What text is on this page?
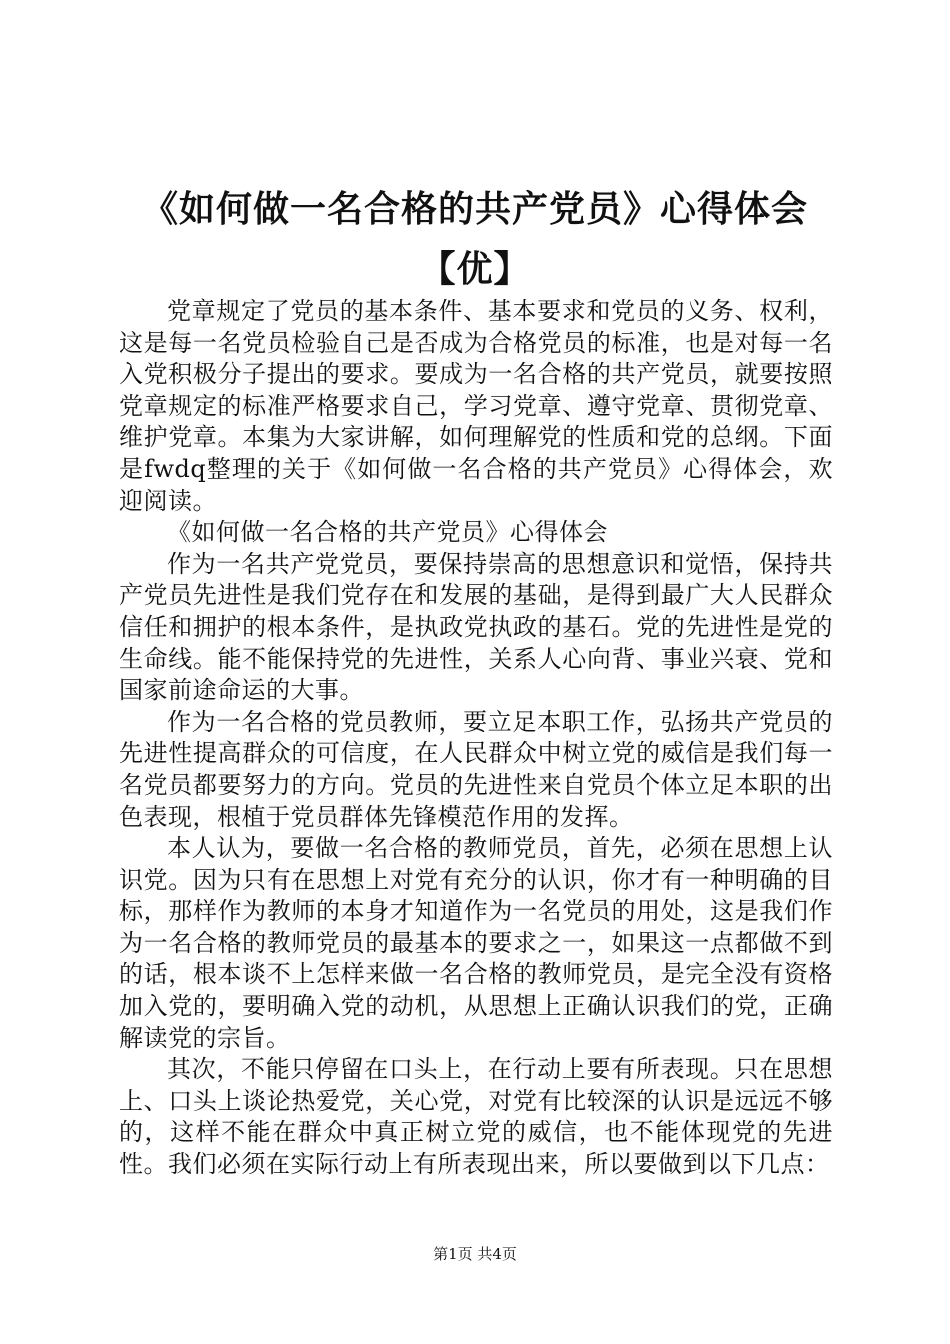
《如何做一名合格的共产党员》心得体会
【优】

党章规定了党员的基本条件、基本要求和党员的义务、权利，这是每一名党员检验自己是否成为合格党员的标准，也是对每一名入党积极分子提出的要求。要成为一名合格的共产党员，就要按照党章规定的标准严格要求自己，学习党章、遵守党章、贯彻党章、维护党章。本集为大家讲解，如何理解党的性质和党的总纲。下面是fwdq整理的关于《如何做一名合格的共产党员》心得体会，欢迎阅读。

《如何做一名合格的共产党员》心得体会

作为一名共产党党员，要保持崇高的思想意识和觉悟，保持共产党员先进性是我们党存在和发展的基础，是得到最广大人民群众信任和拥护的根本条件，是执政党执政的基石。党的先进性是党的生命线。能不能保持党的先进性，关系人心向背、事业兴衰、党和国家前途命运的大事。

作为一名合格的党员教师，要立足本职工作，弘扬共产党员的先进性提高群众的可信度，在人民群众中树立党的威信是我们每一名党员都要努力的方向。党员的先进性来自党员个体立足本职的出色表现，根植于党员群体先锋模范作用的发挥。

本人认为，要做一名合格的教师党员，首先，必须在思想上认识党。因为只有在思想上对党有充分的认识，你才有一种明确的目标，那样作为教师的本身才知道作为一名党员的用处，这是我们作为一名合格的教师党员的最基本的要求之一，如果这一点都做不到的话，根本谈不上怎样来做一名合格的教师党员，是完全没有资格加入党的，要明确入党的动机，从思想上正确认识我们的党，正确解读党的宗旨。

其次，不能只停留在口头上，在行动上要有所表现。只在思想上、口头上谈论热爱党，关心党，对党有比较深的认识是远远不够的，这样不能在群众中真正树立党的威信，也不能体现党的先进性。我们必须在实际行动上有所表现出来，所以要做到以下几点：

第1页 共4页
